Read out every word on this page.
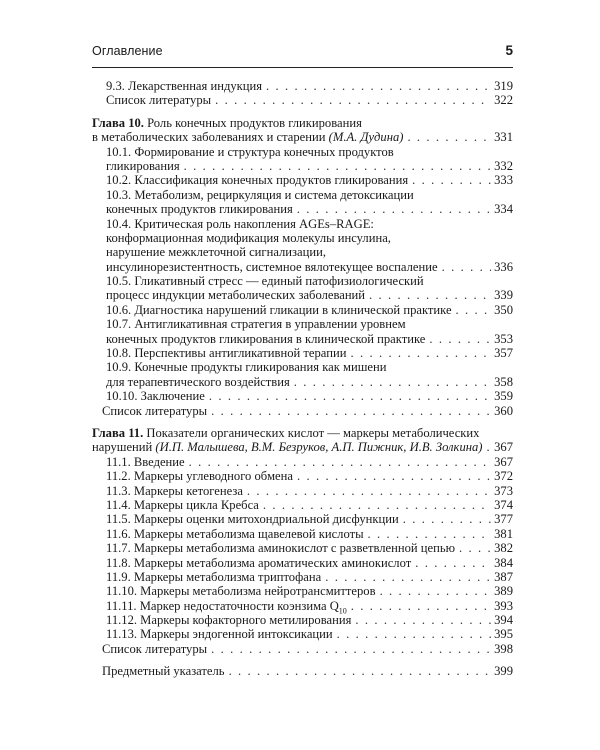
Оглавление	5
9.3. Лекарственная индукция . . .	319
Список литературы . . .	322
Глава 10. Роль конечных продуктов гликирования
в метаболических заболеваниях и старении (М.А. Дудина) . . .	331
10.1. Формирование и структура конечных продуктов
гликирования . . .	332
10.2. Классификация конечных продуктов гликирования . . .	333
10.3. Метаболизм, рециркуляция и система детоксикации
конечных продуктов гликирования . . .	334
10.4. Критическая роль накопления AGEs–RAGE:
конформационная модификация молекулы инсулина,
нарушение межклеточной сигнализации,
инсулинорезистентность, системное вялотекущее воспаление . . .	336
10.5. Гликативный стресс — единый патофизиологический
процесс индукции метаболических заболеваний . . .	339
10.6. Диагностика нарушений гликации в клинической практике . . .	350
10.7. Антигликативная стратегия в управлении уровнем
конечных продуктов гликирования в клинической практике . . .	353
10.8. Перспективы антигликативной терапии . . .	357
10.9. Конечные продукты гликирования как мишени
для терапевтического воздействия . . .	358
10.10. Заключение . . .	359
Список литературы . . .	360
Глава 11. Показатели органических кислот — маркеры метаболических
нарушений (И.П. Малышева, В.М. Безруков, А.П. Пижник, И.В. Золкина) . . . 367
11.1. Введение . . .	367
11.2. Маркеры углеводного обмена . . .	372
11.3. Маркеры кетогенеза . . .	373
11.4. Маркеры цикла Кребса . . .	374
11.5. Маркеры оценки митохондриальной дисфункции . . .	377
11.6. Маркеры метаболизма щавелевой кислоты . . .	381
11.7. Маркеры метаболизма аминокислот с разветвленной цепью . . .	382
11.8. Маркеры метаболизма ароматических аминокислот . . .	384
11.9. Маркеры метаболизма триптофана . . .	387
11.10. Маркеры метаболизма нейротрансмиттеров . . .	389
11.11. Маркер недостаточности коэнзима $Q_{10}$ . . .	393
11.12. Маркеры кофакторного метилирования . . .	394
11.13. Маркеры эндогенной интоксикации . . .	395
Список литературы . . .	398
Предметный указатель . . .	399
